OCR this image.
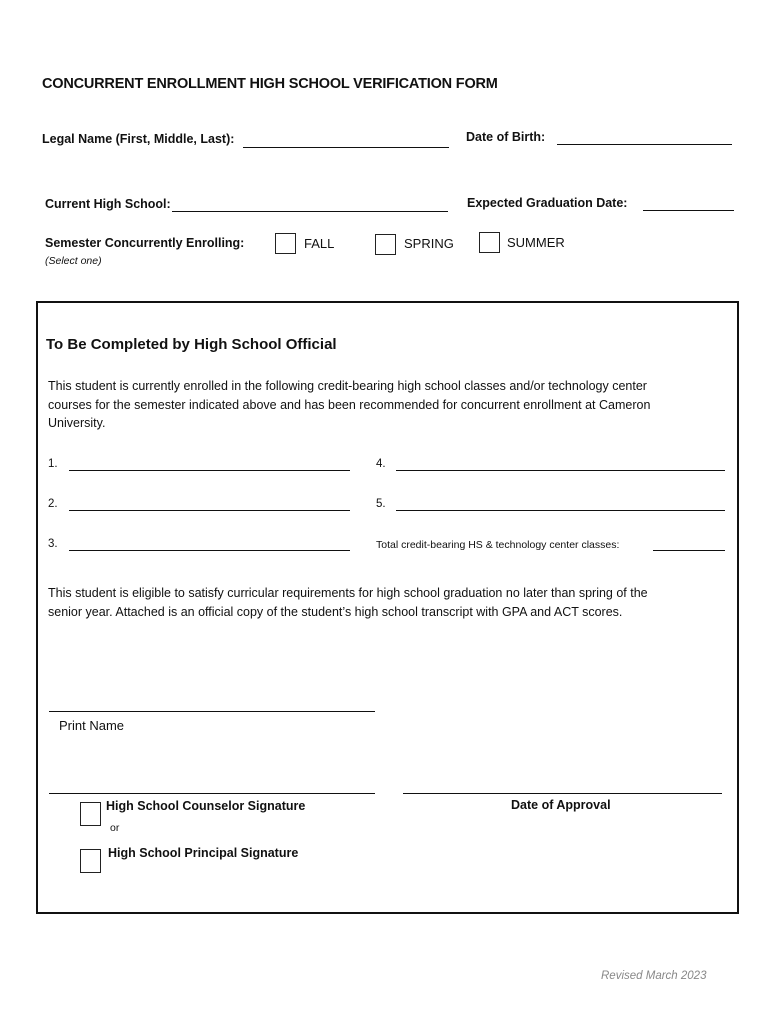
CONCURRENT ENROLLMENT HIGH SCHOOL VERIFICATION FORM
Legal Name (First, Middle, Last):	Date of Birth:
Current High School:	Expected Graduation Date:
Semester Concurrently Enrolling:
(Select one)
FALL	SPRING	SUMMER
To Be Completed by High School Official
This student is currently enrolled in the following credit-bearing high school classes and/or technology center
courses for the semester indicated above and has been recommended for concurrent enrollment at Cameron
University.
1.
2.
3.
4.
5.
Total credit-bearing HS & technology center classes:
This student is eligible to satisfy curricular requirements for high school graduation no later than spring of the
senior year. Attached is an official copy of the student’s high school transcript with GPA and ACT scores.
Print Name
High School Counselor Signature
or
High School Principal Signature
Date of Approval
Revised March 2023
